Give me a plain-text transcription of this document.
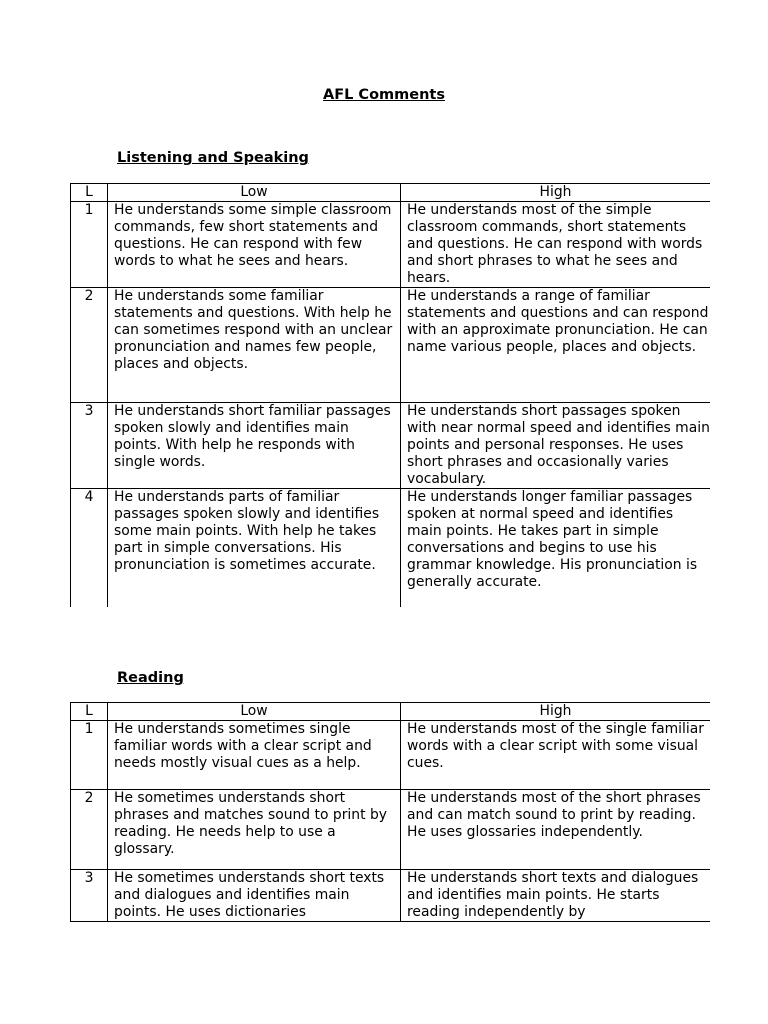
AFL Comments
Listening and Speaking
L	Low	High
1	He understands some simple classroom commands, few short statements and questions. He can respond with few words to what he sees and hears.	He understands most of the simple classroom commands, short statements and questions. He can respond with words and short phrases to what he sees and hears.
2	He understands some familiar statements and questions. With help he can sometimes respond with an unclear pronunciation and names few people, places and objects.	He understands a range of familiar statements and questions and can respond with an approximate pronunciation. He can name various people, places and objects.
3	He understands short familiar passages spoken slowly and identifies main points. With help he responds with single words.	He understands short passages spoken with near normal speed and identifies main points and personal responses. He uses short phrases and occasionally varies vocabulary.
4	He understands parts of familiar passages spoken slowly and identifies some main points. With help he takes part in simple conversations. His pronunciation is sometimes accurate.	He understands longer familiar passages spoken at normal speed and identifies main points. He takes part in simple conversations and begins to use his grammar knowledge. His pronunciation is generally accurate.
Reading
L	Low	High
1	He understands sometimes single familiar words with a clear script and needs mostly visual cues as a help.	He understands most of the single familiar words with a clear script with some visual cues.
2	He sometimes understands short phrases and matches sound to print by reading. He needs help to use a glossary.	He understands most of the short phrases and can match sound to print by reading. He uses glossaries independently.
3	He sometimes understands short texts and dialogues and identifies main points. He uses dictionaries	He understands short texts and dialogues and identifies main points. He starts reading independently by
